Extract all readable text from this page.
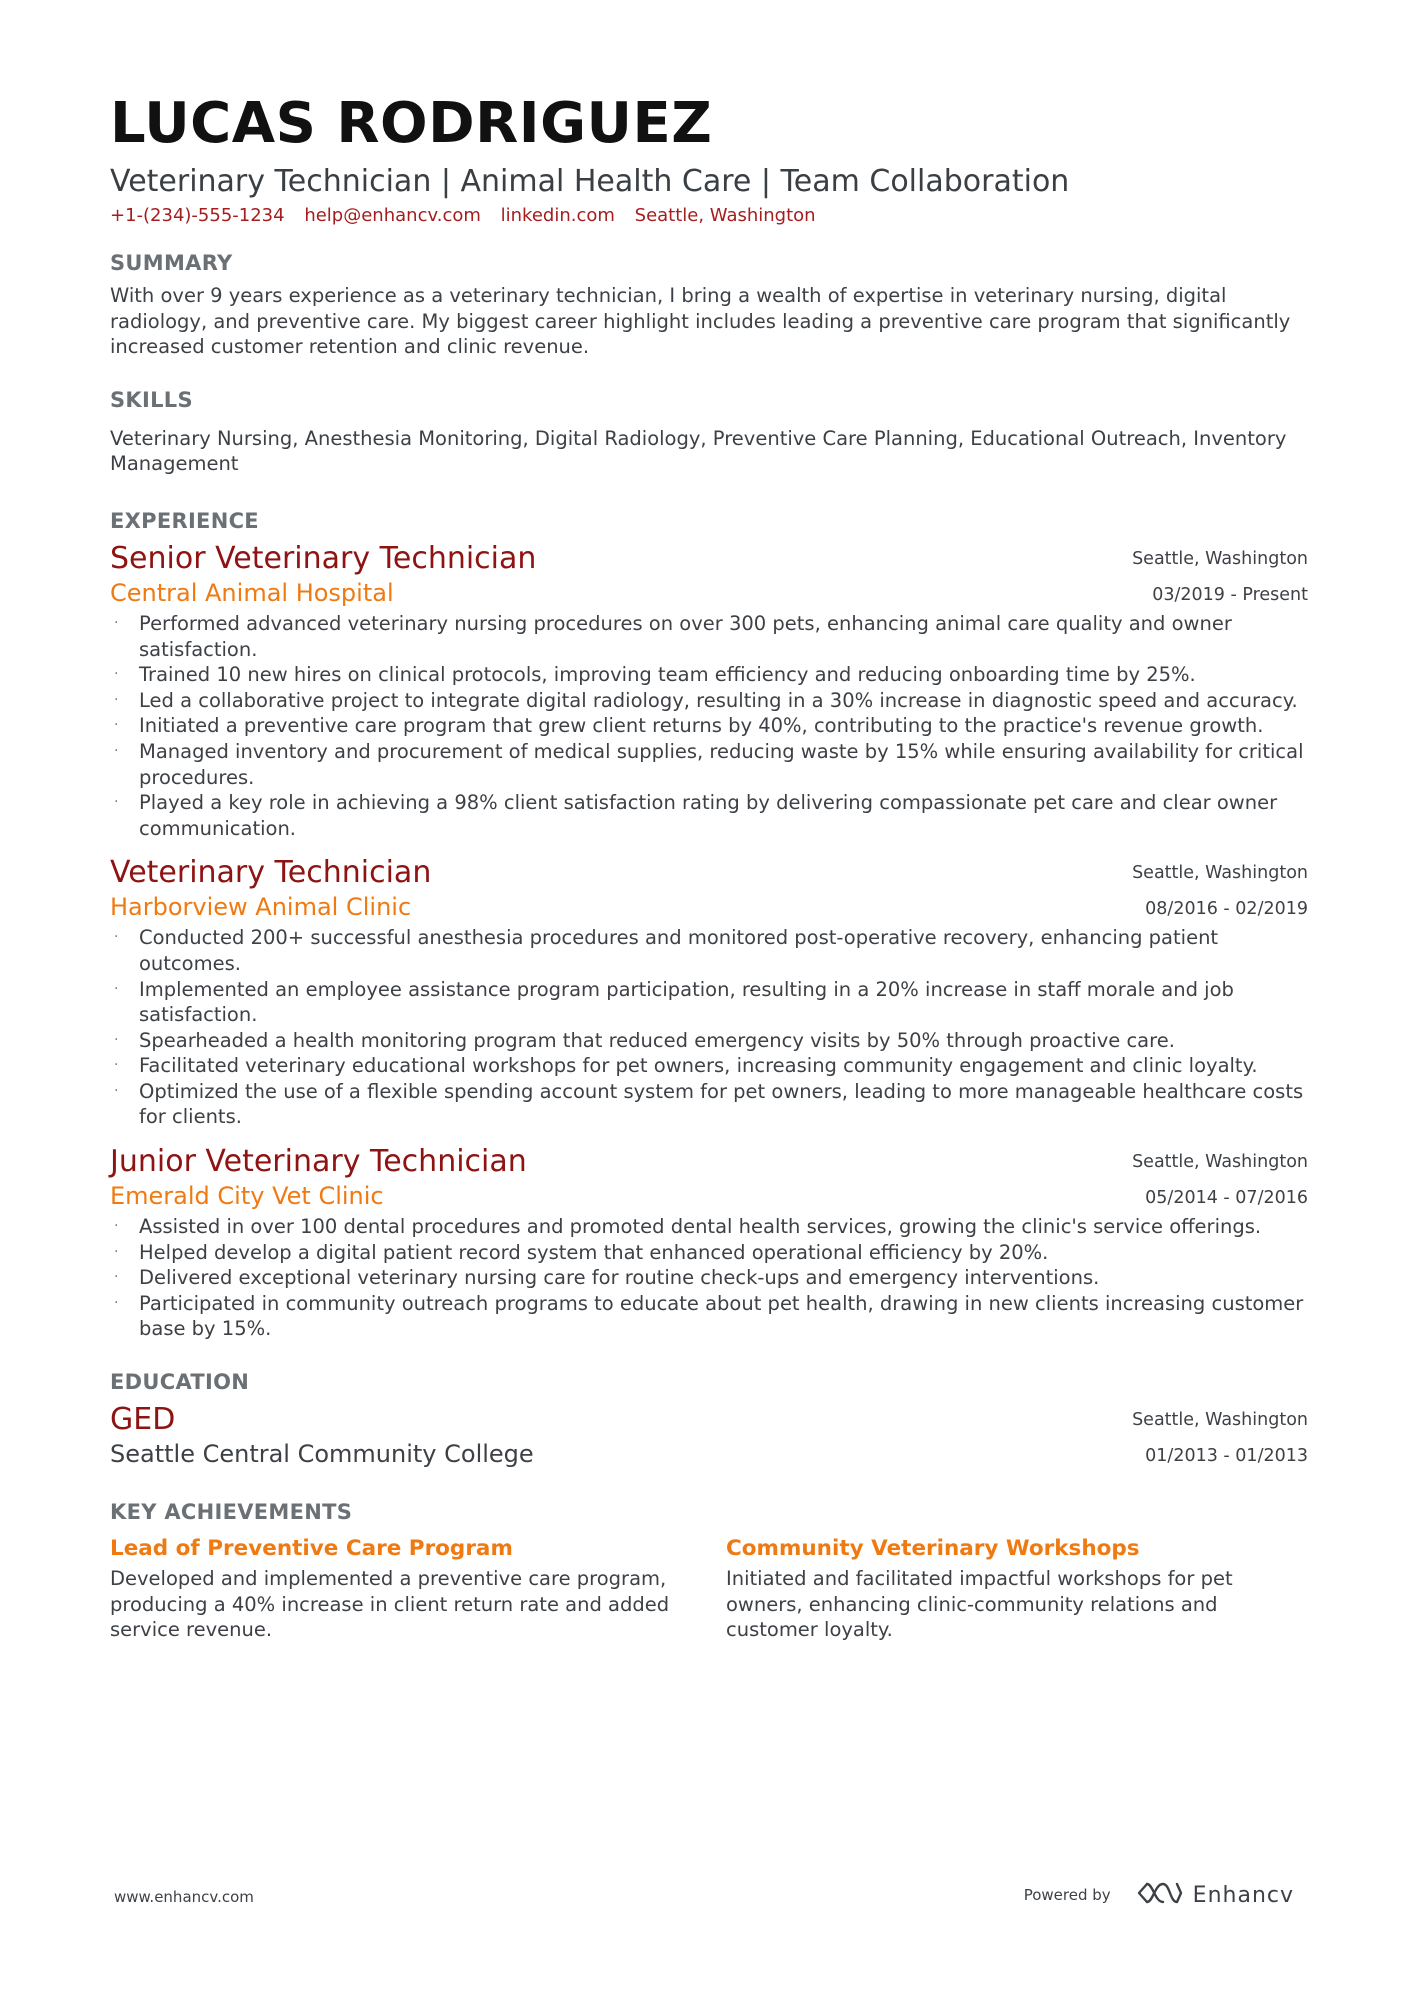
LUCAS RODRIGUEZ
Veterinary Technician | Animal Health Care | Team Collaboration
+1-(234)-555-1234 help@enhancv.com linkedin.com Seattle, Washington
SUMMARY
With over 9 years experience as a veterinary technician, I bring a wealth of expertise in veterinary nursing, digital radiology, and preventive care. My biggest career highlight includes leading a preventive care program that significantly increased customer retention and clinic revenue.
SKILLS
Veterinary Nursing, Anesthesia Monitoring, Digital Radiology, Preventive Care Planning, Educational Outreach, Inventory Management
EXPERIENCE
Senior Veterinary Technician
Central Animal Hospital
Seattle, Washington
03/2019 - Present
· Performed advanced veterinary nursing procedures on over 300 pets, enhancing animal care quality and owner satisfaction.
· Trained 10 new hires on clinical protocols, improving team efficiency and reducing onboarding time by 25%.
· Led a collaborative project to integrate digital radiology, resulting in a 30% increase in diagnostic speed and accuracy.
· Initiated a preventive care program that grew client returns by 40%, contributing to the practice's revenue growth.
· Managed inventory and procurement of medical supplies, reducing waste by 15% while ensuring availability for critical procedures.
· Played a key role in achieving a 98% client satisfaction rating by delivering compassionate pet care and clear owner communication.
Veterinary Technician
Harborview Animal Clinic
Seattle, Washington
08/2016 - 02/2019
· Conducted 200+ successful anesthesia procedures and monitored post-operative recovery, enhancing patient outcomes.
· Implemented an employee assistance program participation, resulting in a 20% increase in staff morale and job satisfaction.
· Spearheaded a health monitoring program that reduced emergency visits by 50% through proactive care.
· Facilitated veterinary educational workshops for pet owners, increasing community engagement and clinic loyalty.
· Optimized the use of a flexible spending account system for pet owners, leading to more manageable healthcare costs for clients.
Junior Veterinary Technician
Emerald City Vet Clinic
Seattle, Washington
05/2014 - 07/2016
· Assisted in over 100 dental procedures and promoted dental health services, growing the clinic's service offerings.
· Helped develop a digital patient record system that enhanced operational efficiency by 20%.
· Delivered exceptional veterinary nursing care for routine check-ups and emergency interventions.
· Participated in community outreach programs to educate about pet health, drawing in new clients increasing customer base by 15%.
EDUCATION
GED
Seattle Central Community College
Seattle, Washington
01/2013 - 01/2013
KEY ACHIEVEMENTS
Lead of Preventive Care Program
Developed and implemented a preventive care program, producing a 40% increase in client return rate and added service revenue.
Community Veterinary Workshops
Initiated and facilitated impactful workshops for pet owners, enhancing clinic-community relations and customer loyalty.
www.enhancv.com	Powered by	Enhancv
